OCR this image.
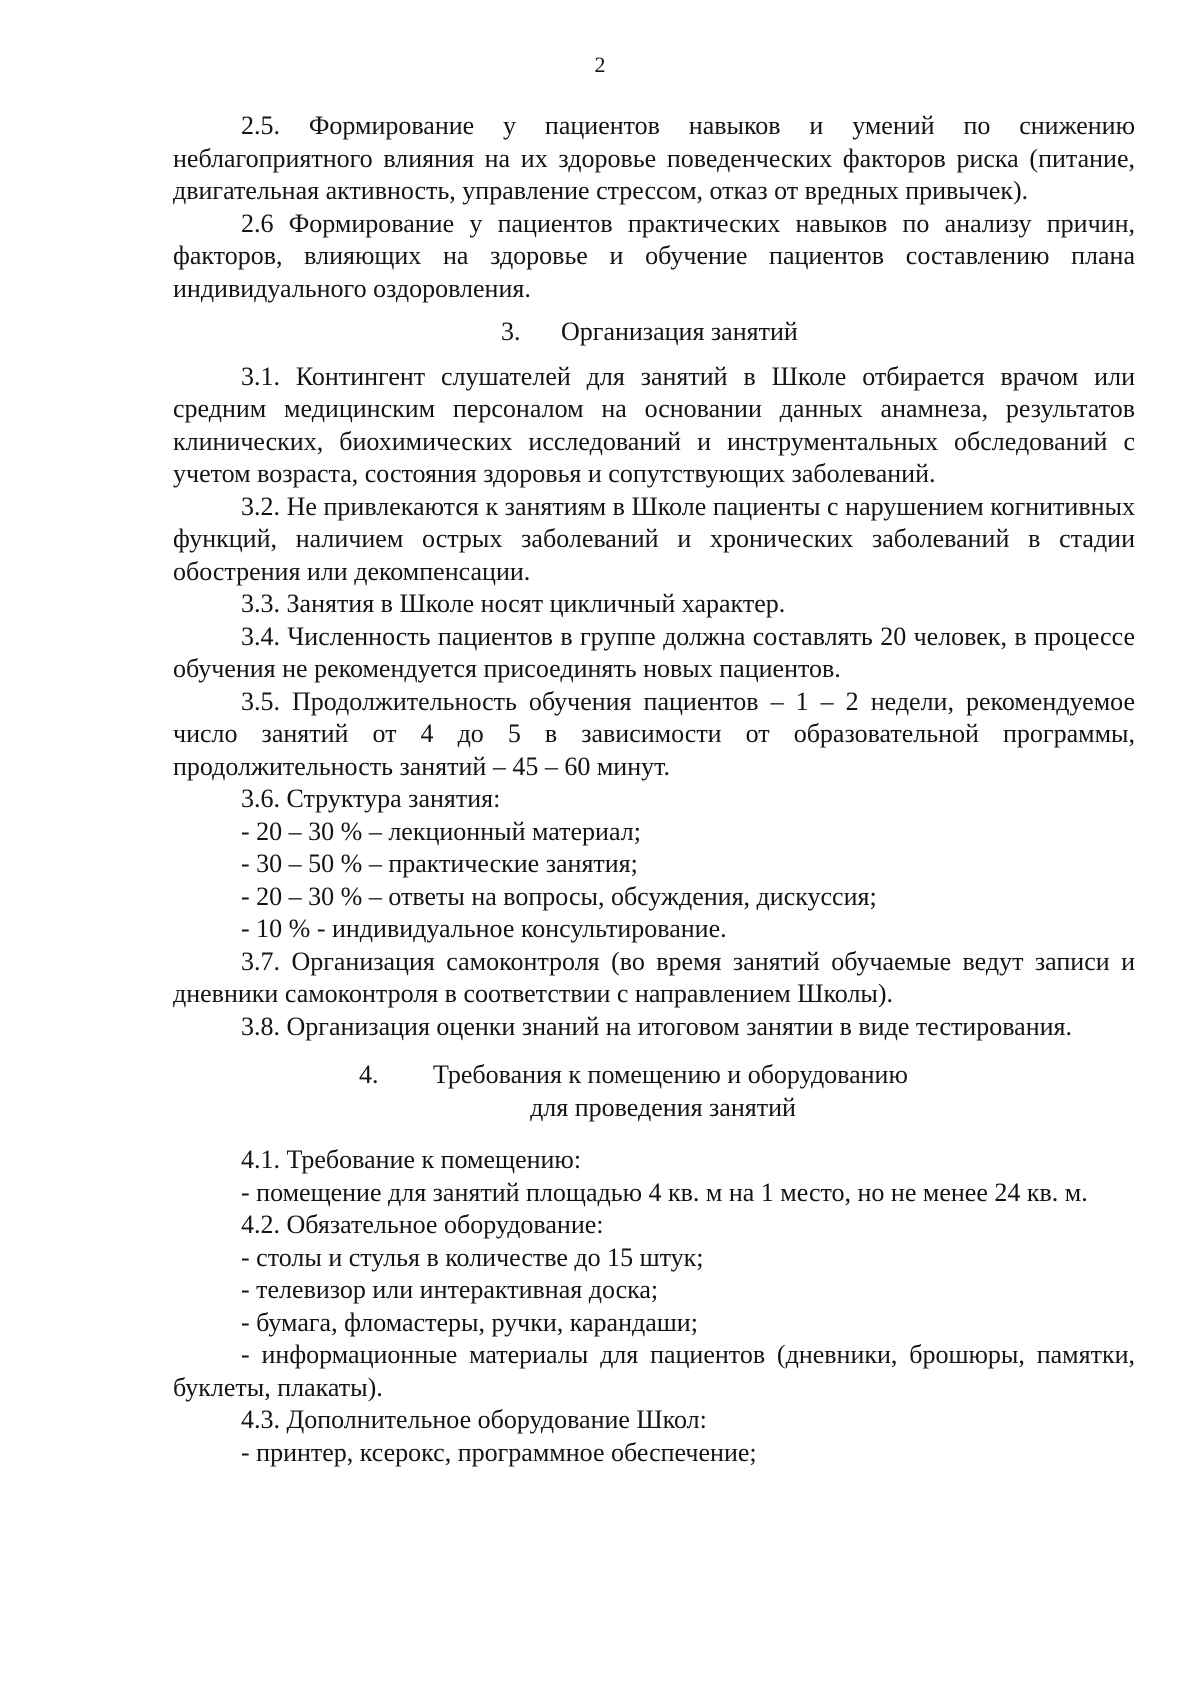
2

2.5. Формирование у пациентов навыков и умений по снижению неблагоприятного влияния на их здоровье поведенческих факторов риска (питание, двигательная активность, управление стрессом, отказ от вредных привычек).

2.6 Формирование у пациентов практических навыков по анализу причин, факторов, влияющих на здоровье и обучение пациентов составлению плана индивидуального оздоровления.

3. Организация занятий

3.1. Контингент слушателей для занятий в Школе отбирается врачом или средним медицинским персоналом на основании данных анамнеза, результатов клинических, биохимических исследований и инструментальных обследований с учетом возраста, состояния здоровья и сопутствующих заболеваний.

3.2. Не привлекаются к занятиям в Школе пациенты с нарушением когнитивных функций, наличием острых заболеваний и хронических заболеваний в стадии обострения или декомпенсации.

3.3. Занятия в Школе носят цикличный характер.

3.4. Численность пациентов в группе должна составлять 20 человек, в процессе обучения не рекомендуется присоединять новых пациентов.

3.5. Продолжительность обучения пациентов – 1 – 2 недели, рекомендуемое число занятий от 4 до 5 в зависимости от образовательной программы, продолжительность занятий – 45 – 60 минут.

3.6. Структура занятия:

- 20 – 30 % – лекционный материал;

- 30 – 50 % – практические занятия;

- 20 – 30 % – ответы на вопросы, обсуждения, дискуссия;

- 10 % - индивидуальное консультирование.

3.7. Организация самоконтроля (во время занятий обучаемые ведут записи и дневники самоконтроля в соответствии с направлением Школы).

3.8. Организация оценки знаний на итоговом занятии в виде тестирования.

4. Требования к помещению и оборудованию
для проведения занятий

4.1. Требование к помещению:

- помещение для занятий площадью 4 кв. м на 1 место, но не менее 24 кв. м.

4.2. Обязательное оборудование:

- столы и стулья в количестве до 15 штук;

- телевизор или интерактивная доска;

- бумага, фломастеры, ручки, карандаши;

- информационные материалы для пациентов (дневники, брошюры, памятки, буклеты, плакаты).

4.3. Дополнительное оборудование Школ:

- принтер, ксерокс, программное обеспечение;
